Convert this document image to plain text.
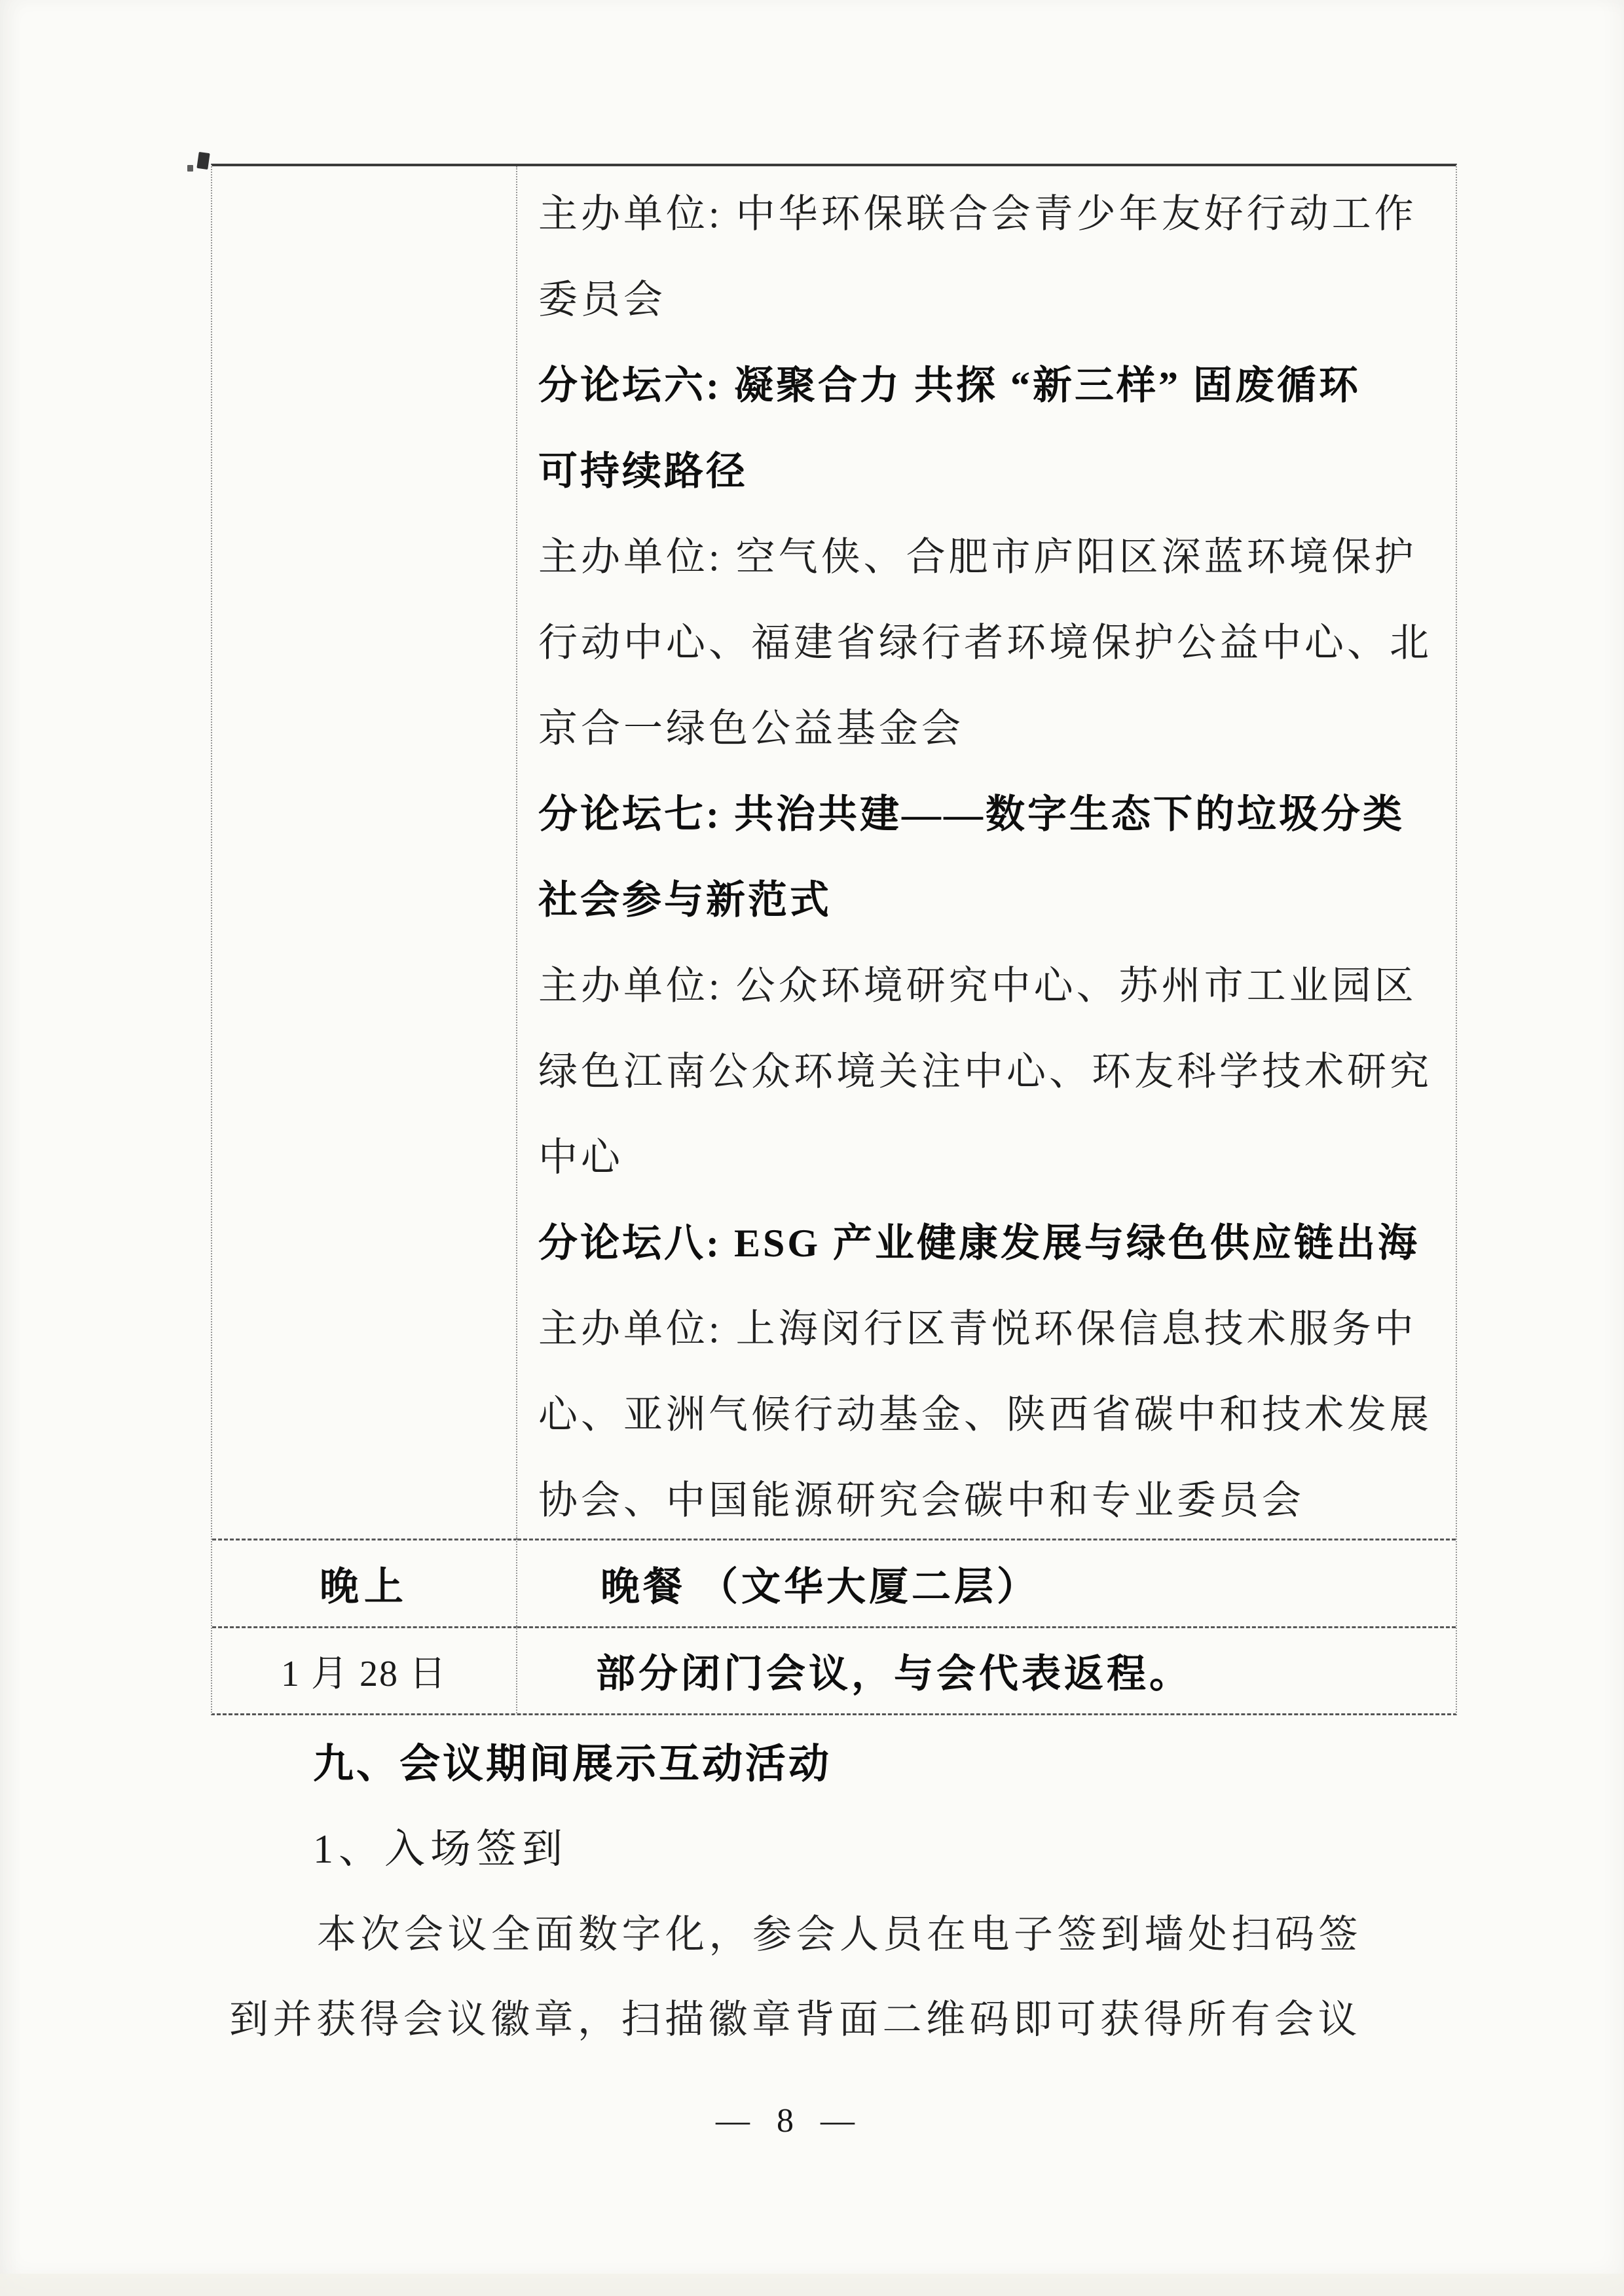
主办单位: 中华环保联合会青少年友好行动工作
委员会
分论坛六: 凝聚合力 共探 “新三样” 固废循环
可持续路径
主办单位: 空气侠、合肥市庐阳区深蓝环境保护
行动中心、福建省绿行者环境保护公益中心、北
京合一绿色公益基金会
分论坛七: 共治共建——数字生态下的垃圾分类
社会参与新范式
主办单位: 公众环境研究中心、苏州市工业园区
绿色江南公众环境关注中心、环友科学技术研究
中心
分论坛八: ESG 产业健康发展与绿色供应链出海
主办单位: 上海闵行区青悦环保信息技术服务中
心、亚洲气候行动基金、陕西省碳中和技术发展
协会、中国能源研究会碳中和专业委员会
晚上	晚餐 （文华大厦二层）
1 月 28 日	部分闭门会议，与会代表返程。
九、会议期间展示互动活动
1、入场签到
本次会议全面数字化，参会人员在电子签到墙处扫码签
到并获得会议徽章，扫描徽章背面二维码即可获得所有会议
— 8 —
